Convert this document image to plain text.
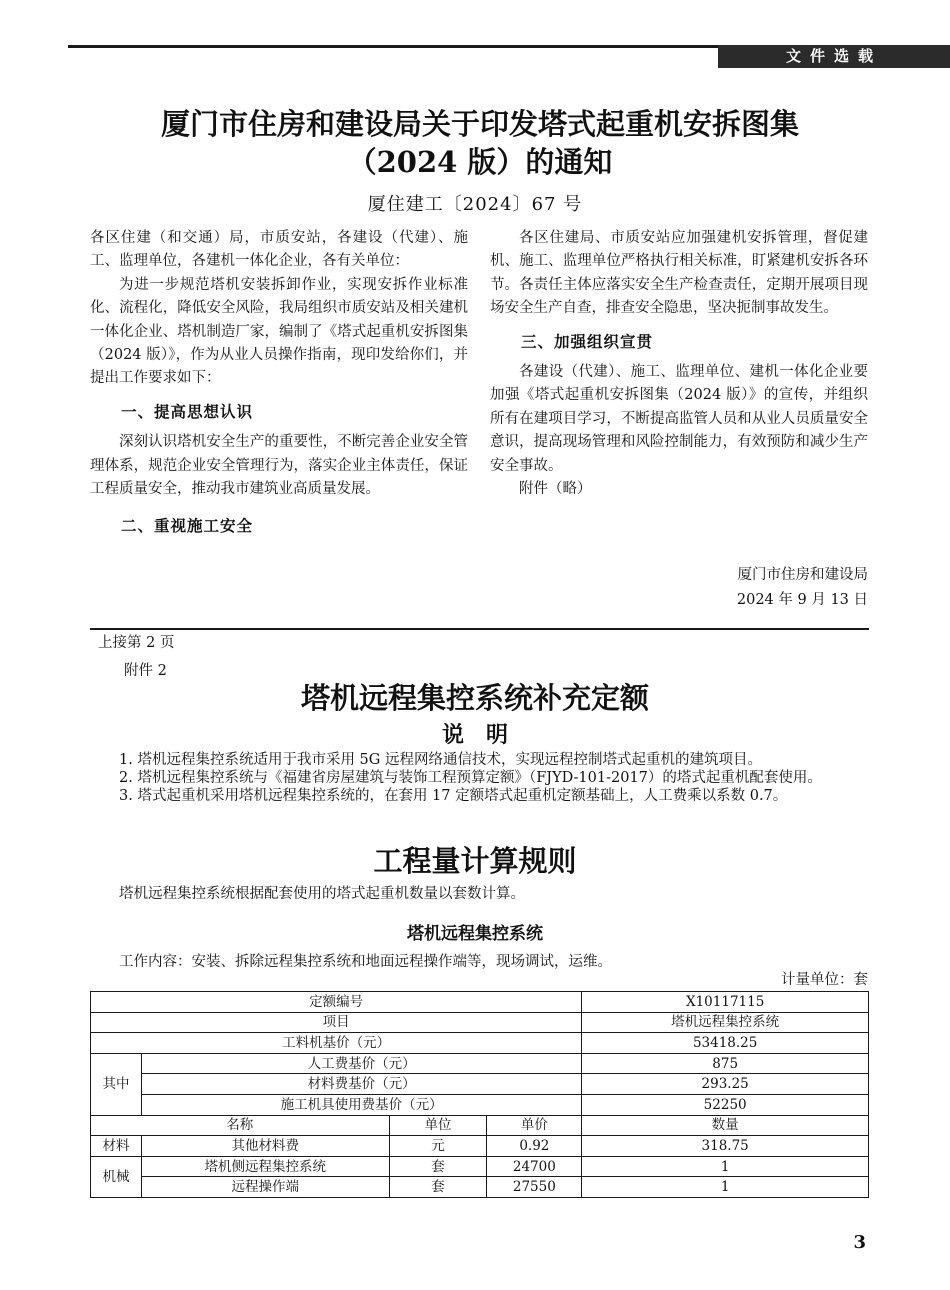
文件选载
厦门市住房和建设局关于印发塔式起重机安拆图集
（2024 版）的通知
厦住建工〔2024〕67 号

各区住建（和交通）局，市质安站，各建设（代建）、施工、监理单位，各建机一体化企业，各有关单位：

为进一步规范塔机安装拆卸作业，实现安拆作业标准化、流程化，降低安全风险，我局组织市质安站及相关建机一体化企业、塔机制造厂家，编制了《塔式起重机安拆图集（2024 版）》，作为从业人员操作指南，现印发给你们，并提出工作要求如下：

一、提高思想认识

深刻认识塔机安全生产的重要性，不断完善企业安全管理体系，规范企业安全管理行为，落实企业主体责任，保证工程质量安全，推动我市建筑业高质量发展。

二、重视施工安全

各区住建局、市质安站应加强建机安拆管理，督促建机、施工、监理单位严格执行相关标准，盯紧建机安拆各环节。各责任主体应落实安全生产检查责任，定期开展项目现场安全生产自查，排查安全隐患，坚决扼制事故发生。

三、加强组织宣贯

各建设（代建）、施工、监理单位、建机一体化企业要加强《塔式起重机安拆图集（2024 版）》的宣传，并组织所有在建项目学习，不断提高监管人员和从业人员质量安全意识，提高现场管理和风险控制能力，有效预防和减少生产安全事故。

附件（略）

厦门市住房和建设局
2024 年 9 月 13 日
上接第 2 页
附件 2
塔机远程集控系统补充定额
说　明
1. 塔机远程集控系统适用于我市采用 5G 远程网络通信技术，实现远程控制塔式起重机的建筑项目。
2. 塔机远程集控系统与《福建省房屋建筑与装饰工程预算定额》（FJYD-101-2017）的塔式起重机配套使用。
3. 塔式起重机采用塔机远程集控系统的，在套用 17 定额塔式起重机定额基础上，人工费乘以系数 0.7。
工程量计算规则
塔机远程集控系统根据配套使用的塔式起重机数量以套数计算。
塔机远程集控系统
工作内容：安装、拆除远程集控系统和地面远程操作端等，现场调试，运维。
计量单位：套
定额编号				X10117115
项目				塔机远程集控系统
工料机基价（元）				53418.25
其中	人工费基价（元）			875
	材料费基价（元）			293.25
	施工机具使用费基价（元）			52250
名称		单位	单价	数量
材料	其他材料费	元	0.92	318.75
机械	塔机侧远程集控系统	套	24700	1
	远程操作端	套	27550	1
3
